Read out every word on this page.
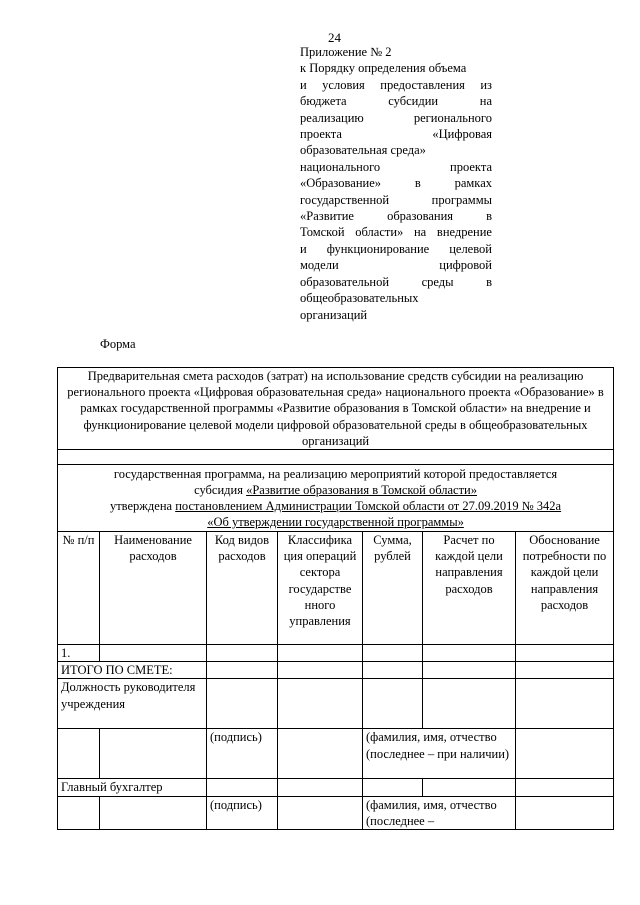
24
Приложение № 2
к Порядку определения объема
и условия предоставления из
бюджета субсидии на
реализацию регионального
проекта «Цифровая
образовательная среда»
национального проекта
«Образование» в рамках
государственной программы
«Развитие образования в
Томской области» на внедрение
и функционирование целевой
модели цифровой
образовательной среды в
общеобразовательных
организаций
Форма
Предварительная смета расходов (затрат) на использование средств субсидии на реализацию регионального проекта «Цифровая образовательная среда» национального проекта «Образование» в рамках государственной программы «Развитие образования в Томской области» на внедрение и функционирование целевой модели цифровой образовательной среды в общеобразовательных организаций						

государственная программа, на реализацию мероприятий которой предоставляется
субсидия «Развитие образования в Томской области»
утверждена постановлением Администрации Томской области от 27.09.2019 № 342а
«Об утверждении государственной программы»						

№ п/п	Наименование расходов	Код видов расходов	Классифика ция операций сектора государстве нного управления	Сумма, рублей	Расчет по каждой цели направления расходов	Обоснование потребности по каждой цели направления расходов
1.						
ИТОГО ПО СМЕТЕ:						
Должность руководителя учреждения						
		(подпись)		(фамилия, имя, отчество (последнее – при наличии)		
Главный бухгалтер						
		(подпись)		(фамилия, имя, отчество (последнее –		
